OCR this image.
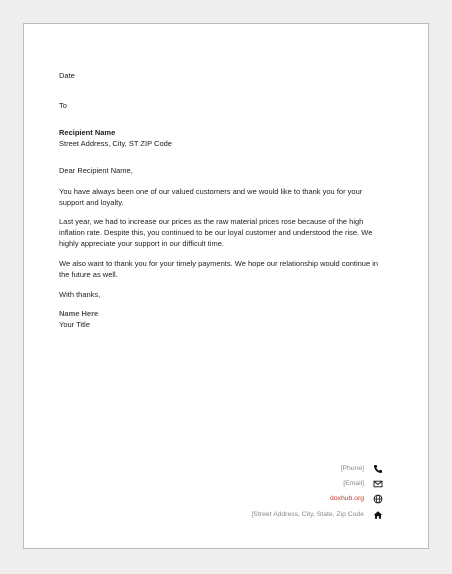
Date
To
Recipient Name
Street Address, City, ST ZIP Code
Dear Recipient Name,
You have always been one of our valued customers and we would like to thank you for your support and loyalty.
Last year, we had to increase our prices as the raw material prices rose because of the high inflation rate. Despite this, you continued to be our loyal customer and understood the rise. We highly appreciate your support in our difficult time.
We also want to thank you for your timely payments. We hope our relationship would continue in the future as well.
With thanks,
Name Here
Your Title
[Phone]
[Email]
doxhub.org
[Street Address, City, State, Zip Code
